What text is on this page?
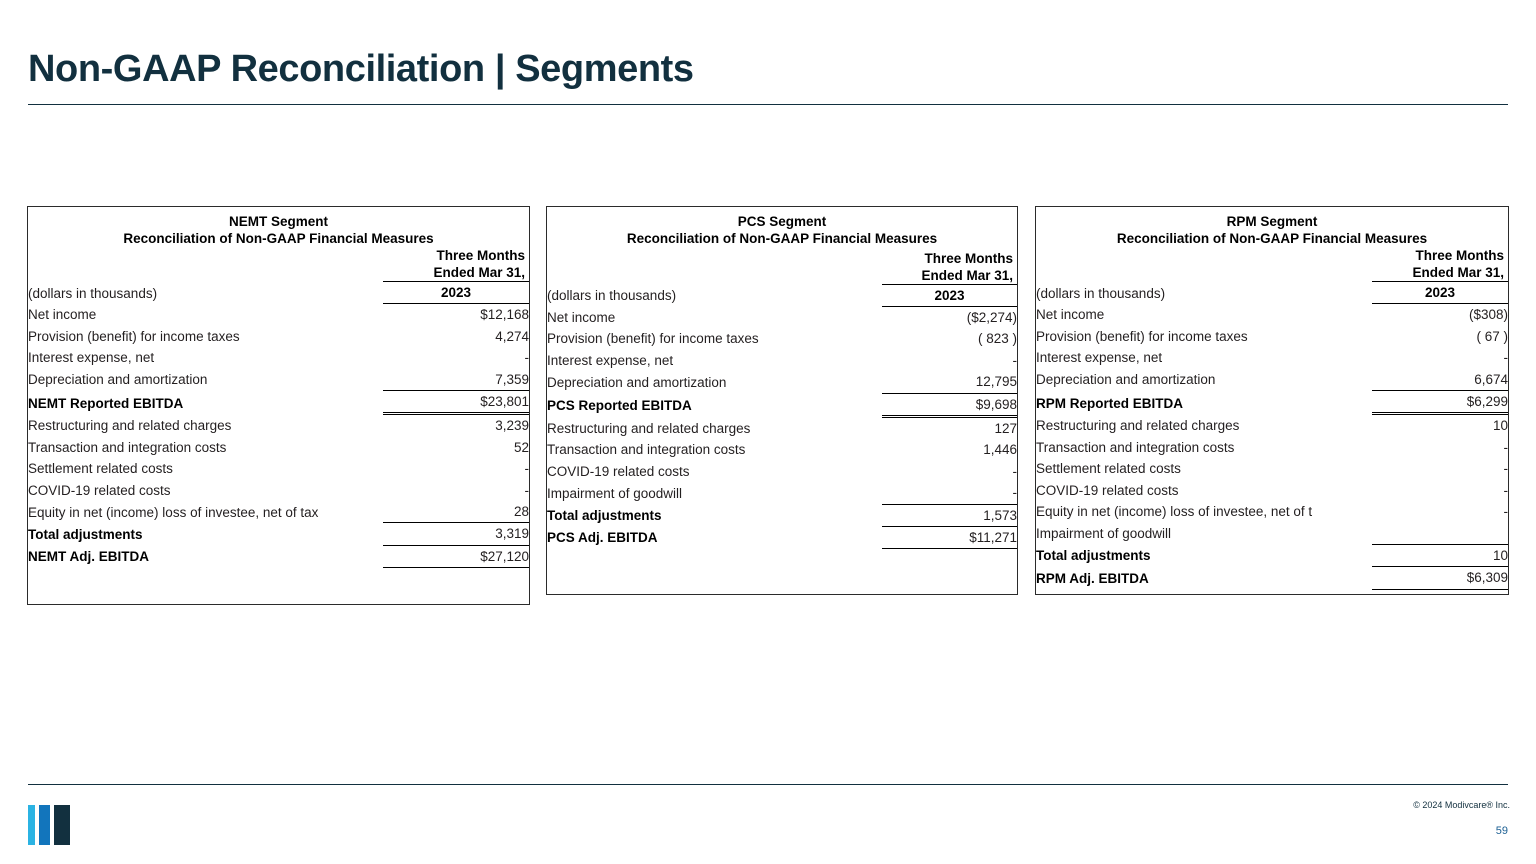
Non-GAAP Reconciliation | Segments
NEMT Segment
Reconciliation of Non-GAAP Financial Measures
	Three Months
Ended Mar 31,
(dollars in thousands)	2023
Net income	$12,168
Provision (benefit) for income taxes	4,274
Interest expense, net	-
Depreciation and amortization	7,359
NEMT Reported EBITDA	$23,801
Restructuring and related charges	3,239
Transaction and integration costs	52
Settlement related costs	-
COVID-19 related costs	-
Equity in net (income) loss of investee, net of tax	28
Total adjustments	3,319
NEMT Adj. EBITDA	$27,120
PCS Segment
Reconciliation of Non-GAAP Financial Measures
	Three Months
Ended Mar 31,
(dollars in thousands)	2023
Net income	($2,274)
Provision (benefit) for income taxes	( 823 )
Interest expense, net	-
Depreciation and amortization	12,795
PCS Reported EBITDA	$9,698
Restructuring and related charges	127
Transaction and integration costs	1,446
COVID-19 related costs	-
Impairment of goodwill	-
Total adjustments	1,573
PCS Adj. EBITDA	$11,271
RPM Segment
Reconciliation of Non-GAAP Financial Measures
	Three Months
Ended Mar 31,
(dollars in thousands)	2023
Net income	($308)
Provision (benefit) for income taxes	( 67 )
Interest expense, net	-
Depreciation and amortization	6,674
RPM Reported EBITDA	$6,299
Restructuring and related charges	10
Transaction and integration costs	-
Settlement related costs	-
COVID-19 related costs	-
Equity in net (income) loss of investee, net of t	-
Impairment of goodwill	
Total adjustments	10
RPM Adj. EBITDA	$6,309
© 2024 Modivcare® Inc.
59
